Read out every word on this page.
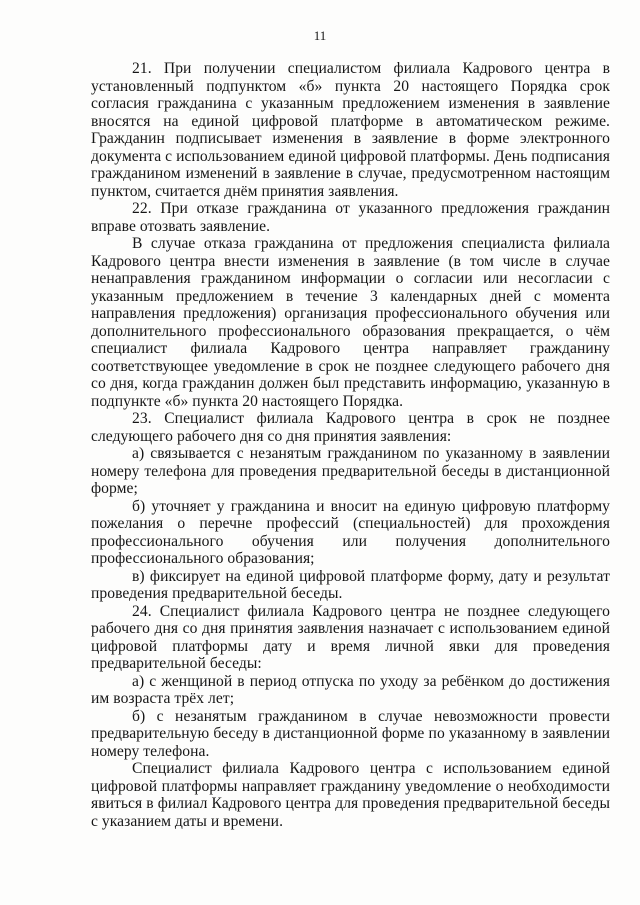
11

21. При получении специалистом филиала Кадрового центра в установленный подпунктом «б» пункта 20 настоящего Порядка срок согласия гражданина с указанным предложением изменения в заявление вносятся на единой цифровой платформе в автоматическом режиме. Гражданин подписывает изменения в заявление в форме электронного документа с использованием единой цифровой платформы. День подписания гражданином изменений в заявление в случае, предусмотренном настоящим пунктом, считается днём принятия заявления.

22. При отказе гражданина от указанного предложения гражданин вправе отозвать заявление.

В случае отказа гражданина от предложения специалиста филиала Кадрового центра внести изменения в заявление (в том числе в случае ненаправления гражданином информации о согласии или несогласии с указанным предложением в течение 3 календарных дней с момента направления предложения) организация профессионального обучения или дополнительного профессионального образования прекращается, о чём специалист филиала Кадрового центра направляет гражданину соответствующее уведомление в срок не позднее следующего рабочего дня со дня, когда гражданин должен был представить информацию, указанную в подпункте «б» пункта 20 настоящего Порядка.

23. Специалист филиала Кадрового центра в срок не позднее следующего рабочего дня со дня принятия заявления:

а) связывается с незанятым гражданином по указанному в заявлении номеру телефона для проведения предварительной беседы в дистанционной форме;

б) уточняет у гражданина и вносит на единую цифровую платформу пожелания о перечне профессий (специальностей) для прохождения профессионального обучения или получения дополнительного профессионального образования;

в) фиксирует на единой цифровой платформе форму, дату и результат проведения предварительной беседы.

24. Специалист филиала Кадрового центра не позднее следующего рабочего дня со дня принятия заявления назначает с использованием единой цифровой платформы дату и время личной явки для проведения предварительной беседы:

а) с женщиной в период отпуска по уходу за ребёнком до достижения им возраста трёх лет;

б) с незанятым гражданином в случае невозможности провести предварительную беседу в дистанционной форме по указанному в заявлении номеру телефона.

Специалист филиала Кадрового центра с использованием единой цифровой платформы направляет гражданину уведомление о необходимости явиться в филиал Кадрового центра для проведения предварительной беседы с указанием даты и времени.
